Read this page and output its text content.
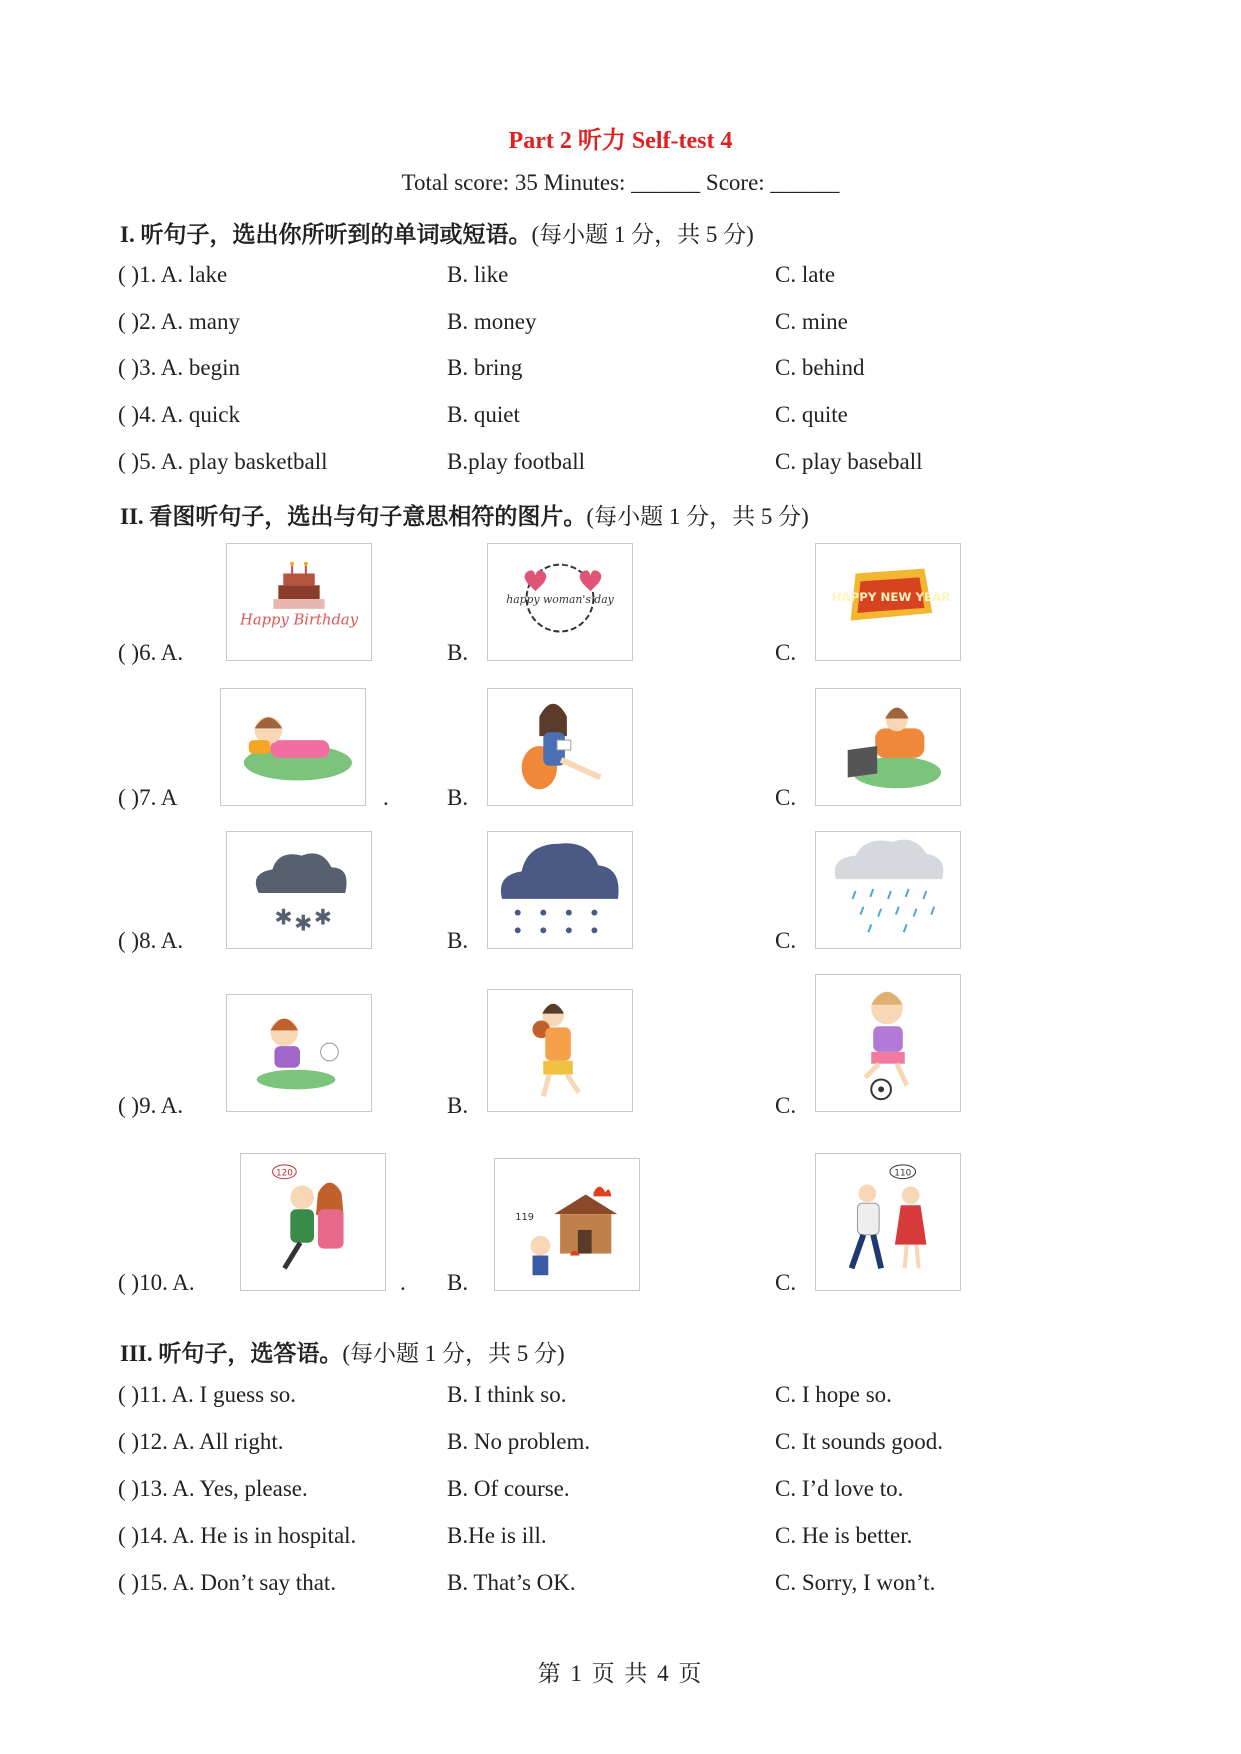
Part 2 听力 Self-test 4
Total score: 35 Minutes: ______ Score: ______
I. 听句子，选出你所听到的单词或短语。(每小题 1 分，共 5 分)
( )1. A. lake	B. like	C. late
( )2. A. many	B. money	C. mine
( )3. A. begin	B. bring	C. behind
( )4. A. quick	B. quiet	C. quite
( )5. A. play basketball	B.play football	C. play baseball
II. 看图听句子，选出与句子意思相符的图片。(每小题 1 分，共 5 分)
( )6. A.	B.	C.
Happy Birthday
happy woman's day	HAPPY NEW YEAR
( )7. A	.	B.	C.
( )8. A.	B.	C.
✱ ✱ ✱
( )9. A.	B.	C.
( )10. A.	. B.	C.
120
119
110
III. 听句子，选答语。(每小题 1 分，共 5 分)
( )11. A. I guess so.	B. I think so.	C. I hope so.
( )12. A. All right.	B. No problem.	C. It sounds good.
( )13. A. Yes, please.	B. Of course.	C. I’d love to.
( )14. A. He is in hospital.	B.He is ill.	C. He is better.
( )15. A. Don’t say that.	B. That’s OK.	C. Sorry, I won’t.
第 1 页 共 4 页
